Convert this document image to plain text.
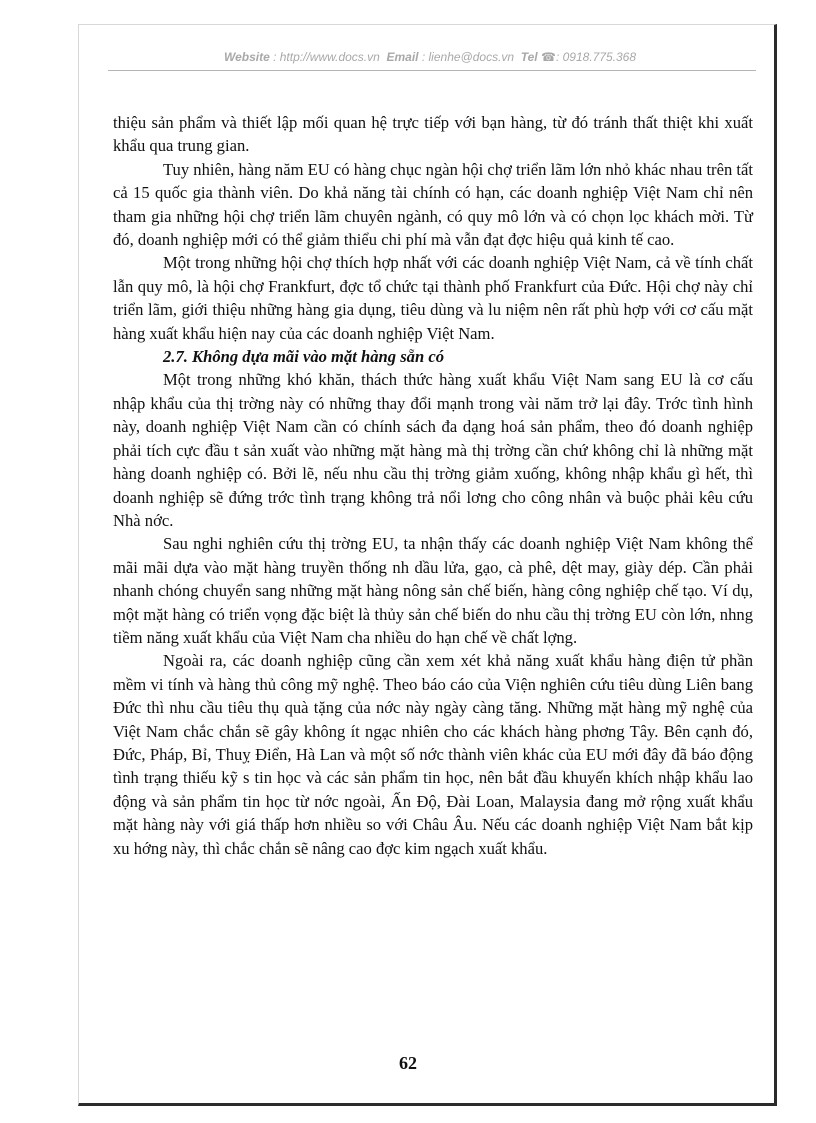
Website : http://www.docs.vn Email : lienhe@docs.vn Tel ☎: 0918.775.368

thiệu sản phẩm và thiết lập mối quan hệ trực tiếp với bạn hàng, từ đó tránh thất thiệt khi xuất khẩu qua trung gian.

Tuy nhiên, hàng năm EU có hàng chục ngàn hội chợ triển lãm lớn nhỏ khác nhau trên tất cả 15 quốc gia thành viên. Do khả năng tài chính có hạn, các doanh nghiệp Việt Nam chỉ nên tham gia những hội chợ triển lãm chuyên ngành, có quy mô lớn và có chọn lọc khách mời. Từ đó, doanh nghiệp mới có thể giảm thiểu chi phí mà vẫn đạt đợc hiệu quả kinh tế cao.

Một trong những hội chợ thích hợp nhất với các doanh nghiệp Việt Nam, cả về tính chất lẫn quy mô, là hội chợ Frankfurt, đợc tổ chức tại thành phố Frankfurt của Đức. Hội chợ này chỉ triển lãm, giới thiệu những hàng gia dụng, tiêu dùng và lu niệm nên rất phù hợp với cơ cấu mặt hàng xuất khẩu hiện nay của các doanh nghiệp Việt Nam.

2.7. Không dựa mãi vào mặt hàng sẵn có

Một trong những khó khăn, thách thức hàng xuất khẩu Việt Nam sang EU là cơ cấu nhập khẩu của thị trờng này có những thay đổi mạnh trong vài năm trở lại đây. Trớc tình hình này, doanh nghiệp Việt Nam cần có chính sách đa dạng hoá sản phẩm, theo đó doanh nghiệp phải tích cực đầu t sản xuất vào những mặt hàng mà thị trờng cần chứ không chỉ là những mặt hàng doanh nghiệp có. Bởi lẽ, nếu nhu cầu thị trờng giảm xuống, không nhập khẩu gì hết, thì doanh nghiệp sẽ đứng trớc tình trạng không trả nổi lơng cho công nhân và buộc phải kêu cứu Nhà nớc.

Sau nghi nghiên cứu thị trờng EU, ta nhận thấy các doanh nghiệp Việt Nam không thể mãi mãi dựa vào mặt hàng truyền thống nh dầu lửa, gạo, cà phê, dệt may, giày dép. Cần phải nhanh chóng chuyển sang những mặt hàng nông sản chế biến, hàng công nghiệp chế tạo. Ví dụ, một mặt hàng có triển vọng đặc biệt là thủy sản chế biến do nhu cầu thị trờng EU còn lớn, nhng tiềm năng xuất khẩu của Việt Nam cha nhiều do hạn chế về chất lợng.

Ngoài ra, các doanh nghiệp cũng cần xem xét khả năng xuất khẩu hàng điện tử phần mềm vi tính và hàng thủ công mỹ nghệ. Theo báo cáo của Viện nghiên cứu tiêu dùng Liên bang Đức thì nhu cầu tiêu thụ quà tặng của nớc này ngày càng tăng. Những mặt hàng mỹ nghệ của Việt Nam chắc chắn sẽ gây không ít ngạc nhiên cho các khách hàng phơng Tây. Bên cạnh đó, Đức, Pháp, Bỉ, Thuỵ Điển, Hà Lan và một số nớc thành viên khác của EU mới đây đã báo động tình trạng thiếu kỹ s tin học và các sản phẩm tin học, nên bắt đầu khuyến khích nhập khẩu lao động và sản phẩm tin học từ nớc ngoài, Ấn Độ, Đài Loan, Malaysia đang mở rộng xuất khẩu mặt hàng này với giá thấp hơn nhiều so với Châu Âu. Nếu các doanh nghiệp Việt Nam bắt kịp xu hớng này, thì chắc chắn sẽ nâng cao đợc kim ngạch xuất khẩu.

62
